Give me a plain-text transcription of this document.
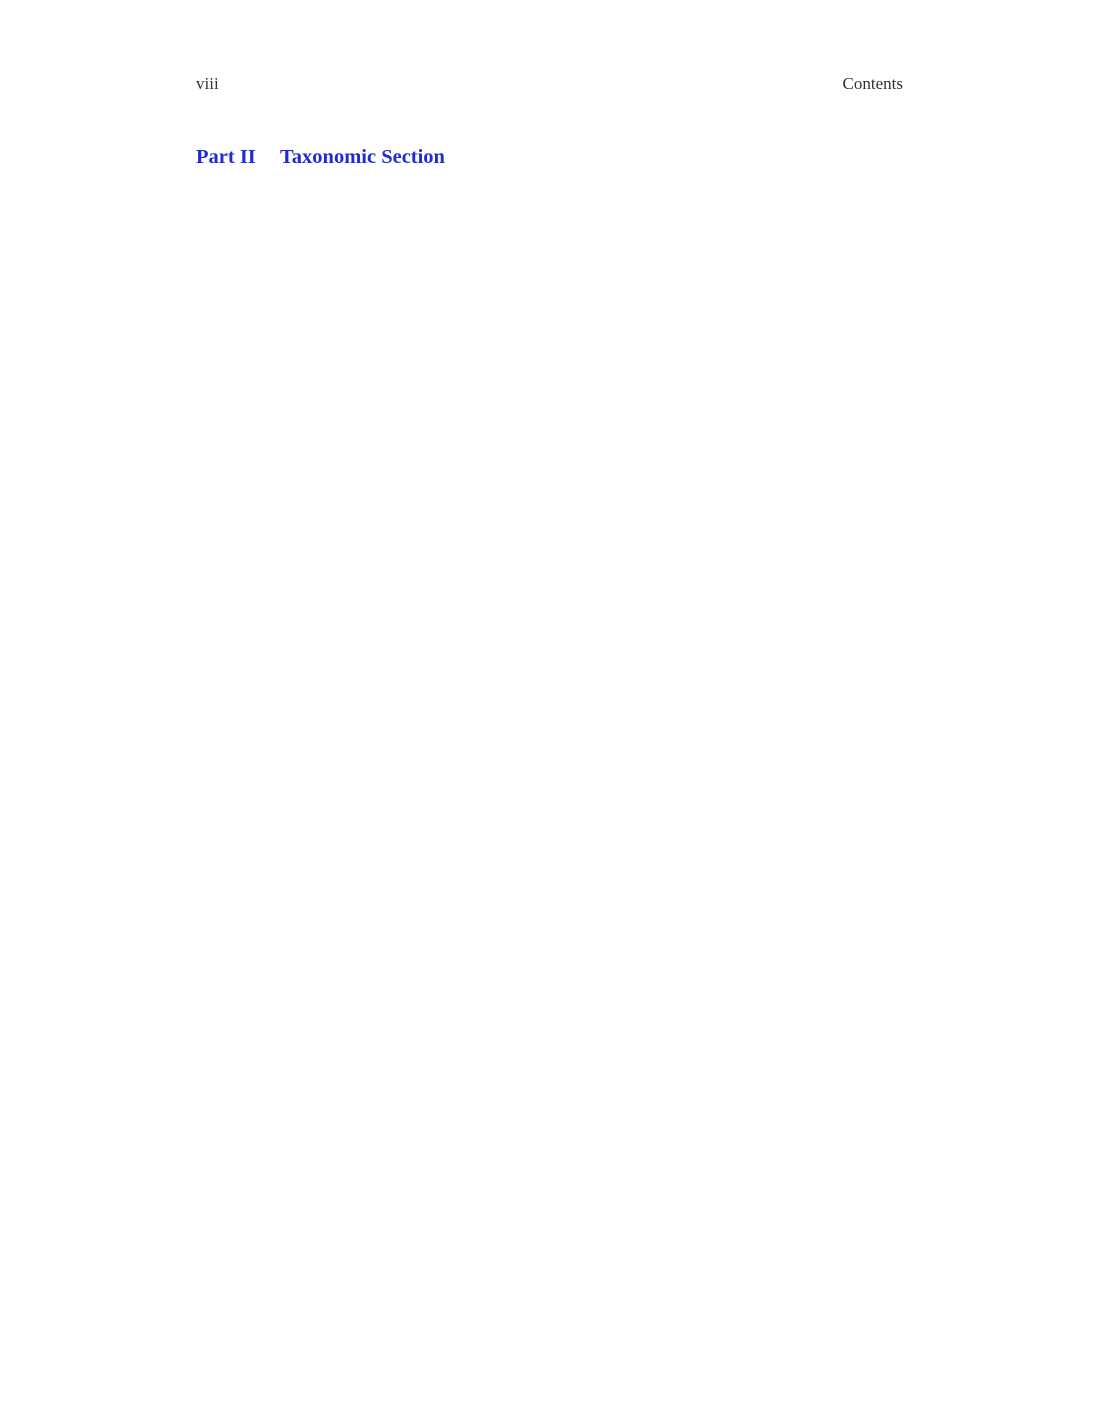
viii	Contents
Part II Taxonomic Section
